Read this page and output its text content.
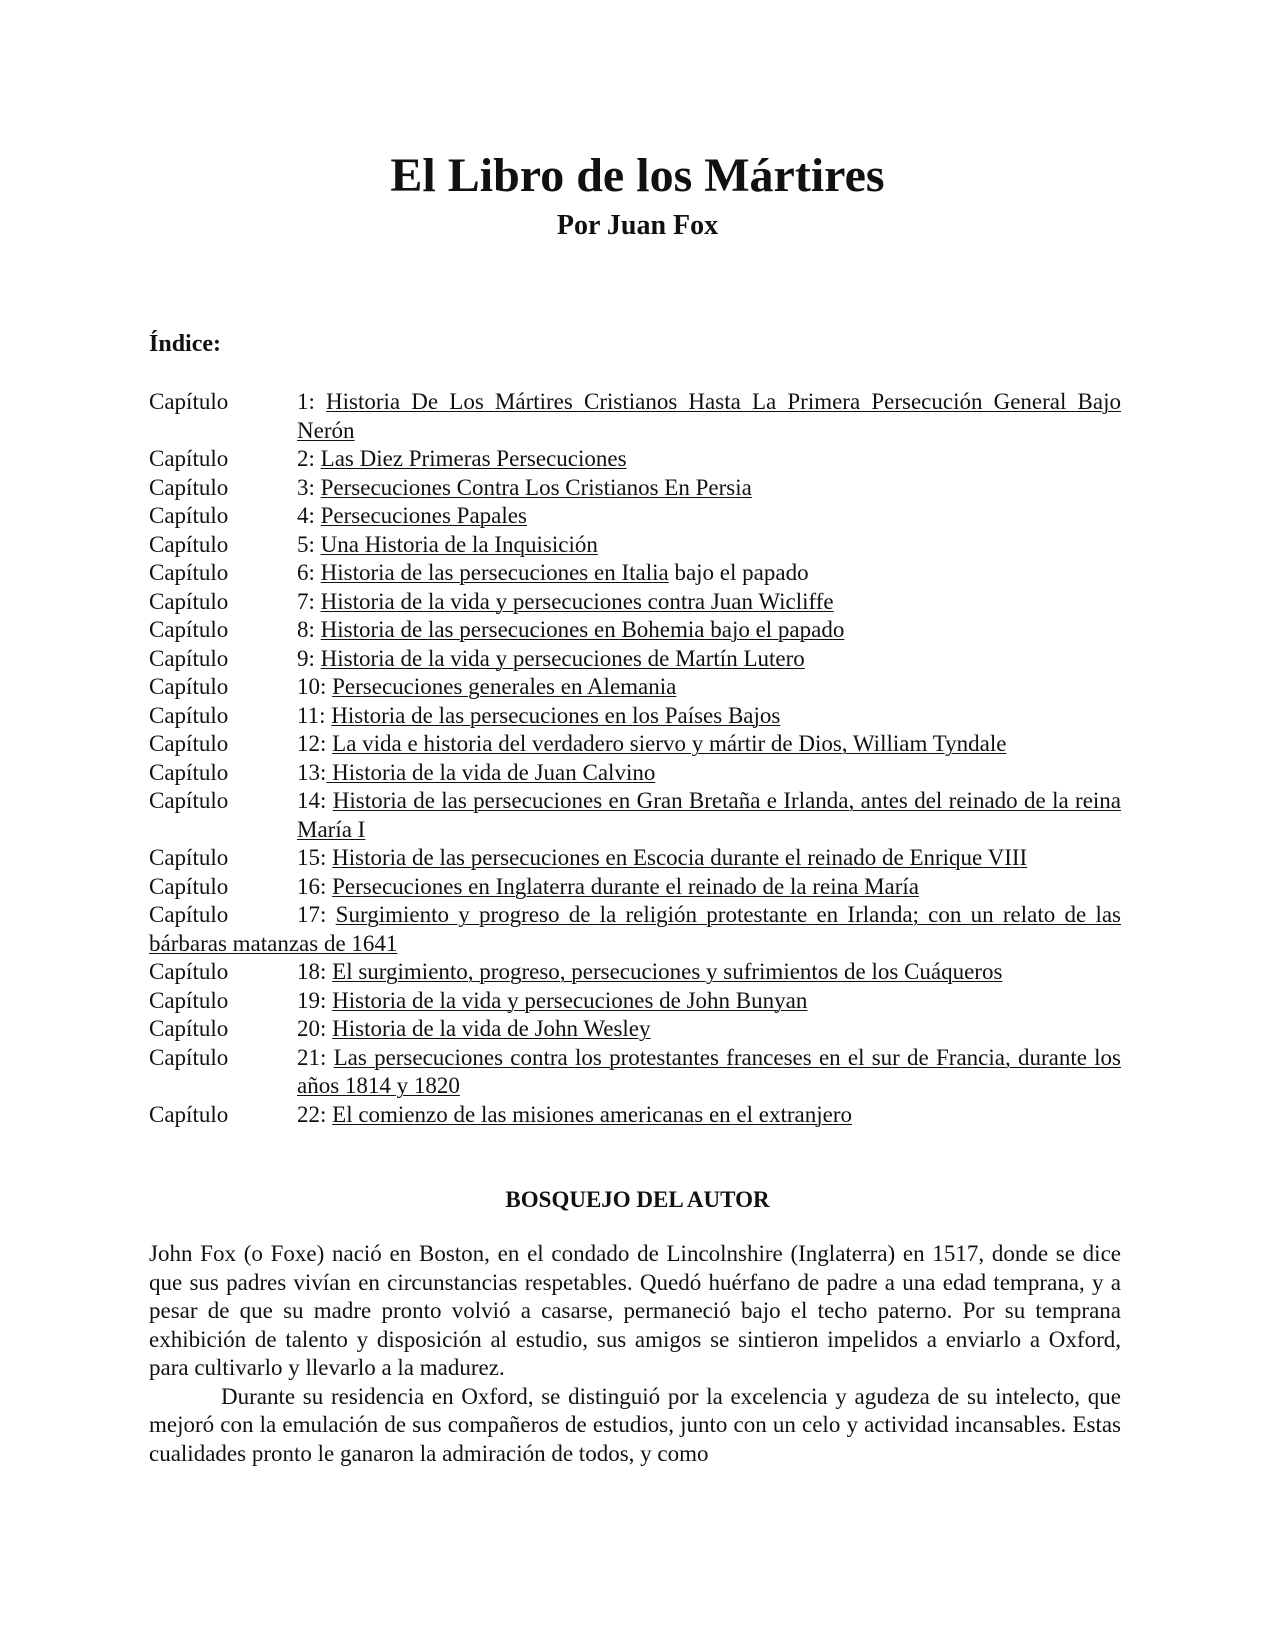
El Libro de los Mártires
Por Juan Fox
Índice:
Capítulo	1: Historia De Los Mártires Cristianos Hasta La Primera Persecución General Bajo Nerón
Capítulo	2: Las Diez Primeras Persecuciones
Capítulo	3: Persecuciones Contra Los Cristianos En Persia
Capítulo	4: Persecuciones Papales
Capítulo	5: Una Historia de la Inquisición
Capítulo	6: Historia de las persecuciones en Italia bajo el papado
Capítulo	7: Historia de la vida y persecuciones contra Juan Wicliffe
Capítulo	8: Historia de las persecuciones en Bohemia bajo el papado
Capítulo	9: Historia de la vida y persecuciones de Martín Lutero
Capítulo	10: Persecuciones generales en Alemania
Capítulo	11: Historia de las persecuciones en los Países Bajos
Capítulo	12: La vida e historia del verdadero siervo y mártir de Dios, William Tyndale
Capítulo	13: Historia de la vida de Juan Calvino
Capítulo	14: Historia de las persecuciones en Gran Bretaña e Irlanda, antes del reinado de la reina María I
Capítulo	15: Historia de las persecuciones en Escocia durante el reinado de Enrique VIII
Capítulo	16: Persecuciones en Inglaterra durante el reinado de la reina María
Capítulo	17: Surgimiento y progreso de la religión protestante en Irlanda; con un relato de las bárbaras matanzas de 1641
Capítulo	18: El surgimiento, progreso, persecuciones y sufrimientos de los Cuáqueros
Capítulo	19: Historia de la vida y persecuciones de John Bunyan
Capítulo	20: Historia de la vida de John Wesley
Capítulo	21: Las persecuciones contra los protestantes franceses en el sur de Francia, durante los años 1814 y 1820
Capítulo	22: El comienzo de las misiones americanas en el extranjero
BOSQUEJO DEL AUTOR

John Fox (o Foxe) nació en Boston, en el condado de Lincolnshire (Inglaterra) en 1517, donde se dice que sus padres vivían en circunstancias respetables. Quedó huérfano de padre a una edad temprana, y a pesar de que su madre pronto volvió a casarse, permaneció bajo el techo paterno. Por su temprana exhibición de talento y disposición al estudio, sus amigos se sintieron impelidos a enviarlo a Oxford, para cultivarlo y llevarlo a la madurez.

Durante su residencia en Oxford, se distinguió por la excelencia y agudeza de su intelecto, que mejoró con la emulación de sus compañeros de estudios, junto con un celo y actividad incansables. Estas cualidades pronto le ganaron la admiración de todos, y como
